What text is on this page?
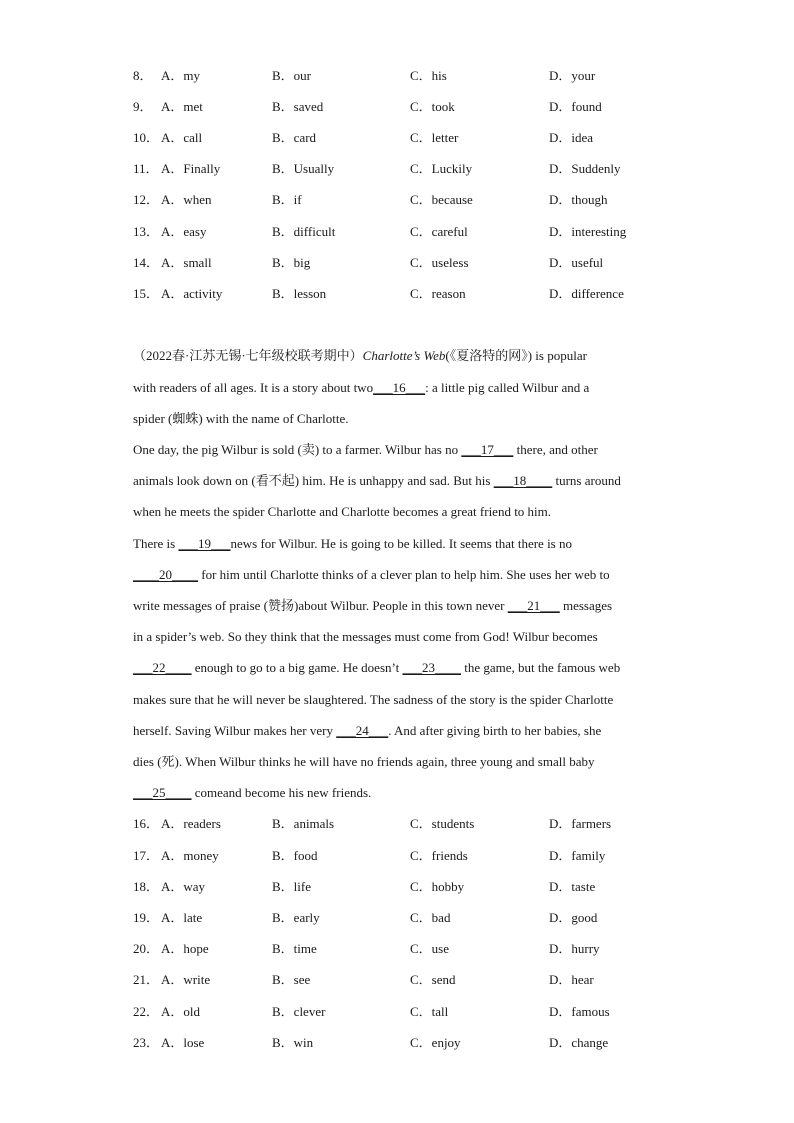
8． A．my	B．our	C．his	D．your
9． A．met	B．saved	C．took	D．found
10． A．call	B．card	C．letter	D．idea
11． A．Finally	B．Usually	C．Luckily	D．Suddenly
12． A．when	B．if	C．because	D．though
13． A．easy	B．difficult	C．careful	D．interesting
14． A．small	B．big	C．useless	D．useful
15． A．activity	B．lesson	C．reason	D．difference
（2022春·江苏无锡·七年级校联考期中）Charlotte’s Web(《夏洛特的网》) is popular
with readers of all ages. It is a story about two___16___: a little pig called Wilbur and a
spider (蜘蛛) with the name of Charlotte.
One day, the pig Wilbur is sold (卖) to a farmer. Wilbur has no ___17___ there, and other
animals look down on (看不起) him. He is unhappy and sad. But his ___18____ turns around
when he meets the spider Charlotte and Charlotte becomes a great friend to him.
There is ___19___news for Wilbur. He is going to be killed. It seems that there is no
____20____ for him until Charlotte thinks of a clever plan to help him. She uses her web to
write messages of praise (赞扬)about Wilbur. People in this town never ___21___ messages
in a spider’s web. So they think that the messages must come from God! Wilbur becomes
___22____ enough to go to a big game. He doesn’t ___23____ the game, but the famous web
makes sure that he will never be slaughtered. The sadness of the story is the spider Charlotte
herself. Saving Wilbur makes her very ___24___. And after giving birth to her babies, she
dies (死). When Wilbur thinks he will have no friends again, three young and small baby
___25____ comeand become his new friends.
16． A．readers	B．animals	C．students	D．farmers
17． A．money	B．food	C．friends	D．family
18． A．way	B．life	C．hobby	D．taste
19． A．late	B．early	C．bad	D．good
20． A．hope	B．time	C．use	D．hurry
21． A．write	B．see	C．send	D．hear
22． A．old	B．clever	C．tall	D．famous
23． A．lose	B．win	C．enjoy	D．change
